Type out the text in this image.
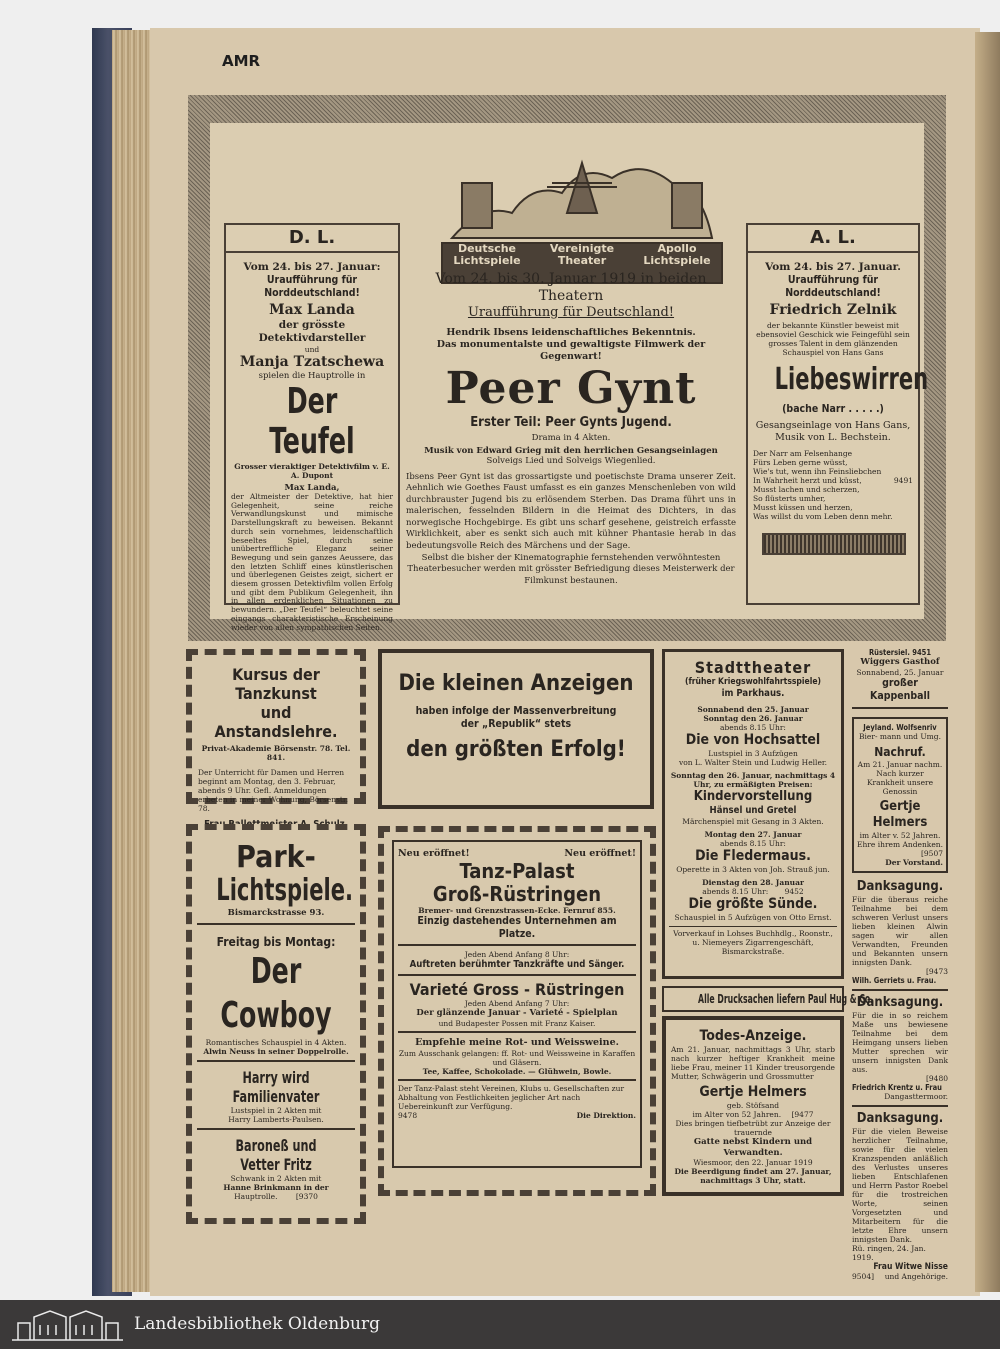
AMR
Deutsche Lichtspiele
Vereinigte Theater
Apollo Lichtspiele
D. L.

Vom 24. bis 27. Januar:

Uraufführung für Norddeutschland!

Max Landa

der grösste Detektivdarsteller

und

Manja Tzatschewa

spielen die Hauptrolle in

Der Teufel

Grosser vieraktiger Detektivfilm v. E. A. Dupont

Max Landa,

der Altmeister der Detektive, hat hier Gelegenheit, seine reiche Verwandlungskunst und mimische Darstellungskraft zu beweisen. Bekannt durch sein vornehmes, leidenschaftlich beseeltes Spiel, durch seine unübertreffliche Eleganz seiner Bewegung und sein ganzes Aeussere, das den letzten Schliff eines künstlerischen und überlegenen Geistes zeigt, sichert er diesem grossen Detektivfilm vollen Erfolg und gibt dem Publikum Gelegenheit, ihn in allen erdenklichen Situationen zu bewundern. „Der Teufel“ beleuchtet seine eingangs charakteristische Erscheinung wieder von allen sympathischen Seiten.

Vom 24. bis 30. Januar 1919 in beiden Theatern

Uraufführung für Deutschland!

Hendrik Ibsens leidenschaftliches Bekenntnis.

Das monumentalste und gewaltigste Filmwerk der Gegenwart!

Peer Gynt

Erster Teil: Peer Gynts Jugend.

Drama in 4 Akten.

Musik von Edward Grieg mit den herrlichen Gesangseinlagen

Solveigs Lied und Solveigs Wiegenlied.

Ibsens Peer Gynt ist das grossartigste und poetischste Drama unserer Zeit. Aehnlich wie Goethes Faust umfasst es ein ganzes Menschenleben von wild durchbrauster Jugend bis zu erlösendem Sterben. Das Drama führt uns in malerischen, fesselnden Bildern in die Heimat des Dichters, in das norwegische Hochgebirge. Es gibt uns scharf gesehene, geistreich erfasste Wirklichkeit, aber es senkt sich auch mit kühner Phantasie herab in das bedeutungsvolle Reich des Märchens und der Sage.

Selbst die bisher der Kinematographie fernstehenden verwöhntesten Theaterbesucher werden mit grösster Befriedigung dieses Meisterwerk der Filmkunst bestaunen.

A. L.

Vom 24. bis 27. Januar.

Uraufführung für Norddeutschland!

Friedrich Zelnik

der bekannte Künstler beweist mit ebensoviel Geschick wie Feingefühl sein grosses Talent in dem glänzenden Schauspiel von Hans Gans

Liebeswirren

(bache Narr . . . . .)

Gesangseinlage von Hans Gans, Musik von L. Bechstein.

Der Narr am Felsenhange

Fürs Leben gerne wüsst,

Wie's tut, wenn ihn Feinsliebchen

In Wahrheit herzt und küsst,	9491

Musst lachen und scherzen,

So flüsterts umher,

Musst küssen und herzen,

Was willst du vom Leben denn mehr.

Kursus der Tanzkunst

und Anstandslehre.

Privat-Akademie Börsenstr. 78. Tel. 841.

Der Unterricht für Damen und Herren beginnt am Montag, den 3. Februar, abends 9 Uhr. Gefl. Anmeldungen erbeten in meiner Wohnung, Börsenstr. 78.

Die kleinen Anzeigen

haben infolge der Massenverbreitung

der „Republik“ stets

den größten Erfolg!

Stadttheater

(früher Kriegswohlfahrtsspiele)

im Parkhaus.

Sonnabend den 25. Januar

Sonntag den 26. Januar

abends 8.15 Uhr:

Die von Hochsattel

Lustspiel in 3 Aufzügen

von L. Walter Stein und Ludwig Heller.

Sonntag den 26. Januar, nachmittags 4 Uhr, zu ermäßigten Preisen:

Kindervorstellung

Hänsel und Gretel

Märchenspiel mit Gesang in 3 Akten.

Montag den 27. Januar

abends 8.15 Uhr:

Die Fledermaus.

Operette in 3 Akten von Joh. Strauß jun.

Dienstag den 28. Januar

abends 8.15 Uhr: 9452

Die größte Sünde.

Schauspiel in 5 Aufzügen von Otto Ernst.

Vorverkauf in Lohses Buchhdlg., Roonstr., u. Niemeyers Zigarrengeschäft, Bismarckstraße.

Rüstersiel. 9451

Wiggers Gasthof

Sonnabend, 25. Januar

großer Kappenball

Jeyland. Wolfsenriv

Bier- mann und Umg.

Nachruf.

Am 21. Januar nachm. Nach kurzer Krankheit unsere Genossin

Gertje Helmers

im Alter v. 52 Jahren. Ehre ihrem Andenken.

[9507

Der Vorstand.

Danksagung.

Für die überaus reiche Teilnahme bei dem schweren Verlust unsers lieben kleinen Alwin sagen wir allen Verwandten, Freunden und Bekannten unsern innigsten Dank.

[9473

Wilh. Gerriets u. Frau.

Danksagung.

Für die in so reichem Maße uns bewiesene Teilnahme bei dem Heimgang unsers lieben Mutter sprechen wir unsern innigsten Dank aus.

[9480

Friedrich Krentz u. Frau

Dangasttermoor.

Danksagung.

Für die vielen Beweise herzlicher Teilnahme, sowie für die vielen Kranzspenden anläßlich des Verlustes unseres lieben Entschlafenen und Herrn Pastor Roebel für die trostreichen Worte, seinen Vorgesetzten und Mitarbeitern für die letzte Ehre unsern innigsten Dank.

Rü. ringen, 24. Jan. 1919.

Frau Witwe Nisse

9504] und Angehörige.

Park-

Lichtspiele.

Bismarckstrasse 93.

Freitag bis Montag:

Der Cowboy

Romantisches Schauspiel in 4 Akten.

Alwin Neuss in seiner Doppelrolle.

Harry wird Familienvater

Lustspiel in 2 Akten mit

Harry Lamberts-Paulsen.

Baroneß und Vetter Fritz

Schwank in 2 Akten mit

Hanne Brinkmann in der

Hauptrolle. [9370

Neu eröffnet!	Neu eröffnet!

Tanz-Palast

Groß-Rüstringen

Bremer- und Grenzstrassen-Ecke. Fernruf 855.

Einzig dastehendes Unternehmen am Platze.

Jeden Abend Anfang 8 Uhr:

Auftreten berühmter Tanzkräfte und Sänger.

Varieté Gross - Rüstringen

Jeden Abend Anfang 7 Uhr:

Der glänzende Januar - Varieté - Spielplan

und Budapester Possen mit Franz Kaiser.

Empfehle meine Rot- und Weissweine.

Zum Ausschank gelangen: ff. Rot- und Weissweine in Karaffen und Gläsern.

Tee, Kaffee, Schokolade. — Glühwein, Bowle.

Der Tanz-Palast steht Vereinen, Klubs u. Gesellschaften zur Abhaltung von Festlichkeiten jeglicher Art nach Uebereinkunft zur Verfügung.

9478	Die Direktion.

Alle Drucksachen liefern Paul Hug & Co.

Todes-Anzeige.

Am 21. Januar, nachmittags 3 Uhr, starb nach kurzer heftiger Krankheit meine liebe Frau, meiner 11 Kinder treusorgende Mutter, Schwägerin und Grossmutter

Gertje Helmers

geb. Stöfsand

im Alter von 52 Jahren. [9477

Dies bringen tiefbetrübt zur Anzeige der trauernde

Gatte nebst Kindern und Verwandten.

Wiesmoor, den 22. Januar 1919

Die Beerdigung findet am 27. Januar, nachmittags 3 Uhr, statt.

Landesbibliothek Oldenburg
